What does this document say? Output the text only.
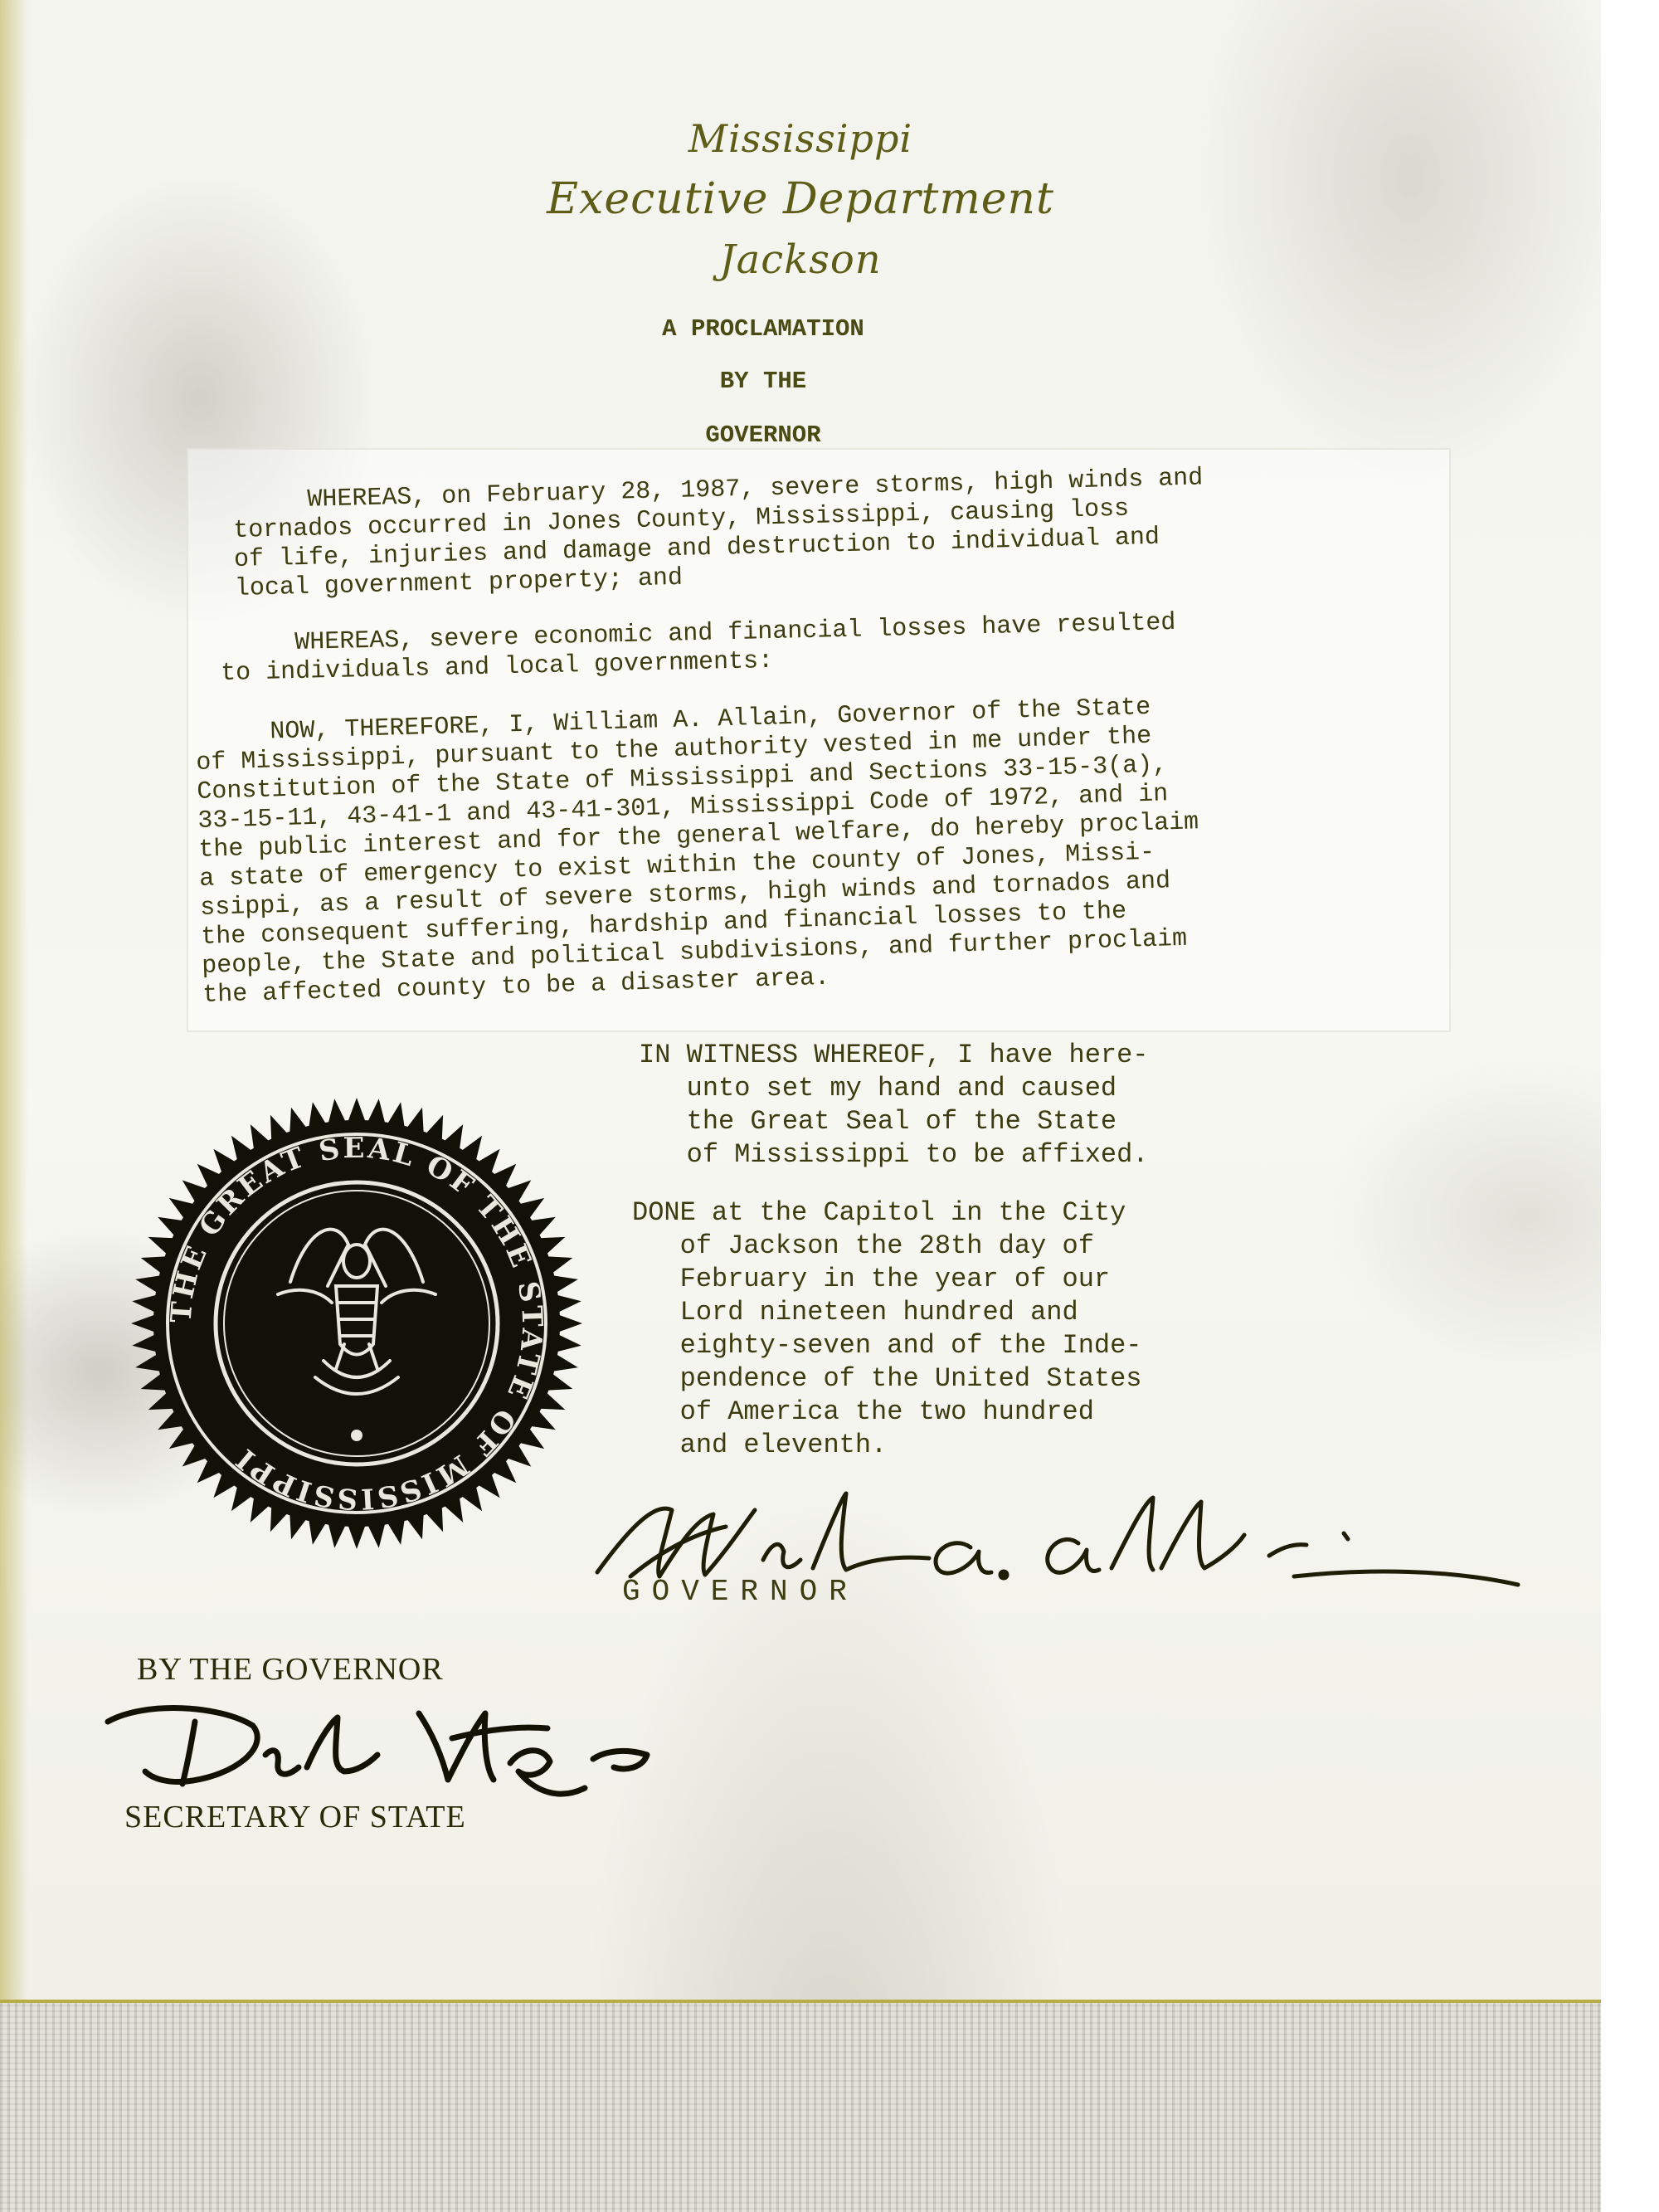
Mississippi
Executive Department
Jackson
A PROCLAMATION
BY THE
GOVERNOR

WHEREAS, on February 28, 1987, severe storms, high winds and
tornados occurred in Jones County, Mississippi, causing loss
of life, injuries and damage and destruction to individual and
local government property; and

WHEREAS, severe economic and financial losses have resulted
to individuals and local governments:

NOW, THEREFORE, I, William A. Allain, Governor of the State
of Mississippi, pursuant to the authority vested in me under the
Constitution of the State of Mississippi and Sections 33-15-3(a),
33-15-11, 43-41-1 and 43-41-301, Mississippi Code of 1972, and in
the public interest and for the general welfare, do hereby proclaim
a state of emergency to exist within the county of Jones, Missi-
ssippi, as a result of severe storms, high winds and tornados and
the consequent suffering, hardship and financial losses to the
people, the State and political subdivisions, and further proclaim
the affected county to be a disaster area.

IN WITNESS WHEREOF, I have here-
unto set my hand and caused
the Great Seal of the State
of Mississippi to be affixed.

DONE at the Capitol in the City
of Jackson the 28th day of
February in the year of our
Lord nineteen hundred and
eighty-seven and of the Inde-
pendence of the United States
of America the two hundred
and eleventh.

THE GREAT SEAL OF THE STATE OF MISSISSIPPI
GOVERNOR
BY THE GOVERNOR
SECRETARY OF STATE
